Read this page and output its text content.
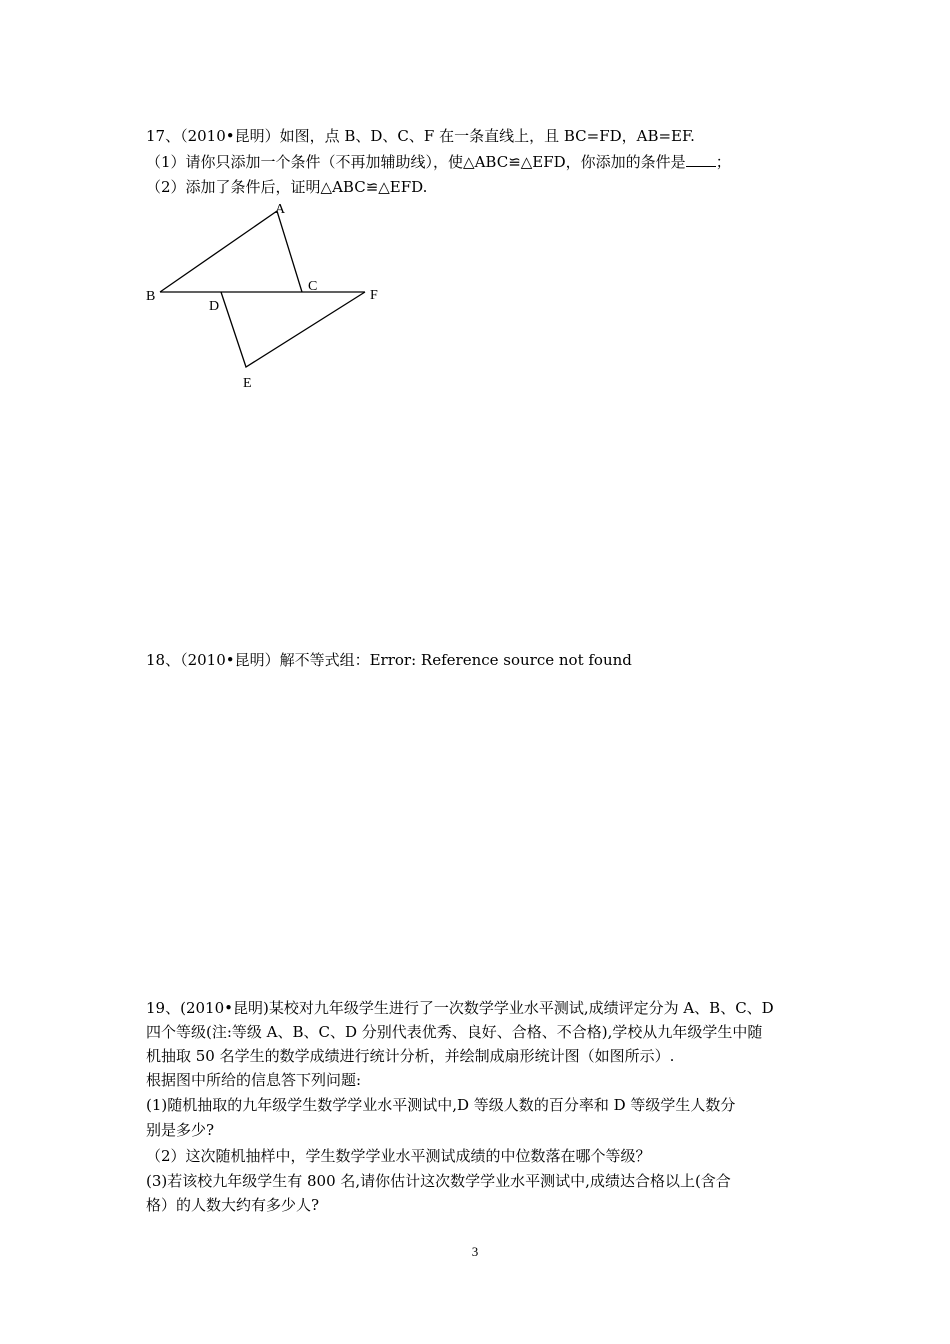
17、（2010•昆明）如图，点 B、D、C、F 在一条直线上，且 BC=FD，AB=EF.
（1）请你只添加一个条件（不再加辅助线），使△ABC≌△EFD，你添加的条件是 ；
（2）添加了条件后，证明△ABC≌△EFD.
A
B
C
D
E
F
18、（2010•昆明）解不等式组：Error: Reference source not found
19、(2010•昆明)某校对九年级学生进行了一次数学学业水平测试,成绩评定分为 A、B、C、D
四个等级(注:等级 A、B、C、D 分别代表优秀、良好、合格、不合格),学校从九年级学生中随
机抽取 50 名学生的数学成绩进行统计分析，并绘制成扇形统计图（如图所示）.
根据图中所给的信息答下列问题:
(1)随机抽取的九年级学生数学学业水平测试中,D 等级人数的百分率和 D 等级学生人数分
别是多少?
（2）这次随机抽样中，学生数学学业水平测试成绩的中位数落在哪个等级？
(3)若该校九年级学生有 800 名,请你估计这次数学学业水平测试中,成绩达合格以上(含合
格）的人数大约有多少人?
3
